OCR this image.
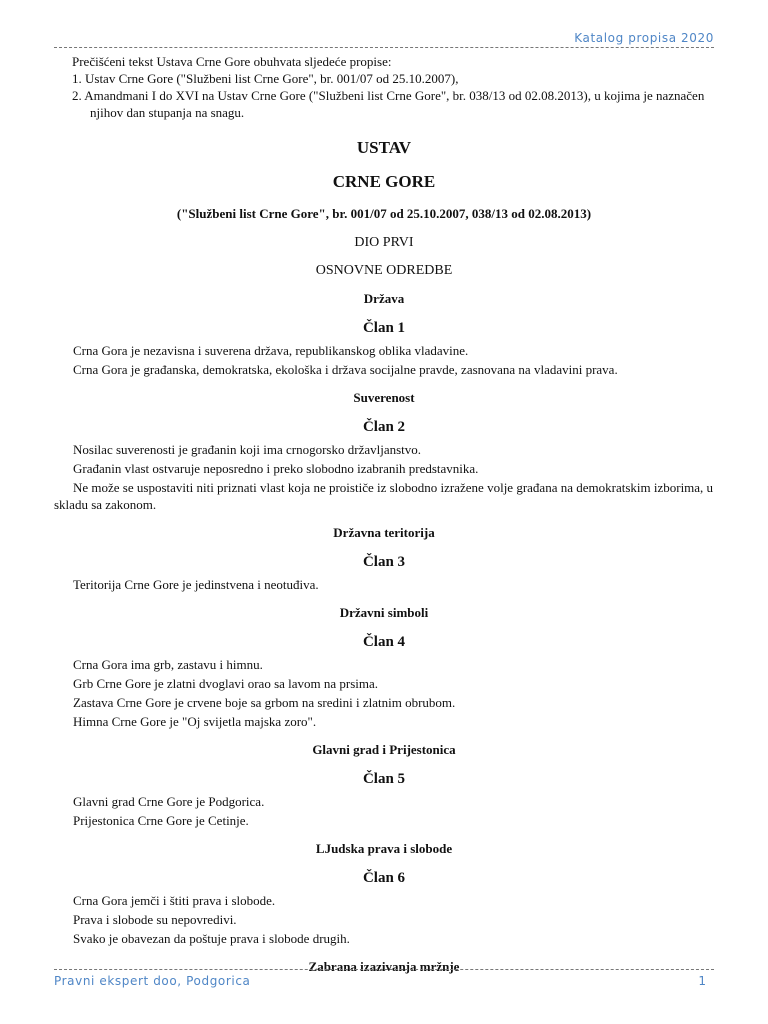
Katalog propisa 2020

Prečišćeni tekst Ustava Crne Gore obuhvata sljedeće propise:

1. Ustav Crne Gore ("Službeni list Crne Gore", br. 001/07 od 25.10.2007),

2. Amandmani I do XVI na Ustav Crne Gore ("Službeni list Crne Gore", br. 038/13 od 02.08.2013), u kojima je naznačen njihov dan stupanja na snagu.

USTAV

CRNE GORE

("Službeni list Crne Gore", br. 001/07 od 25.10.2007, 038/13 od 02.08.2013)

DIO PRVI

OSNOVNE ODREDBE

Država

Član 1

Crna Gora je nezavisna i suverena država, republikanskog oblika vladavine.

Crna Gora je građanska, demokratska, ekološka i država socijalne pravde, zasnovana na vladavini prava.

Suverenost

Član 2

Nosilac suverenosti je građanin koji ima crnogorsko državljanstvo.

Građanin vlast ostvaruje neposredno i preko slobodno izabranih predstavnika.

Ne može se uspostaviti niti priznati vlast koja ne proističe iz slobodno izražene volje građana na demokratskim izborima, u skladu sa zakonom.

Državna teritorija

Član 3

Teritorija Crne Gore je jedinstvena i neotuđiva.

Državni simboli

Član 4

Crna Gora ima grb, zastavu i himnu.

Grb Crne Gore je zlatni dvoglavi orao sa lavom na prsima.

Zastava Crne Gore je crvene boje sa grbom na sredini i zlatnim obrubom.

Himna Crne Gore je "Oj svijetla majska zoro".

Glavni grad i Prijestonica

Član 5

Glavni grad Crne Gore je Podgorica.

Prijestonica Crne Gore je Cetinje.

LJudska prava i slobode

Član 6

Crna Gora jemči i štiti prava i slobode.

Prava i slobode su nepovredivi.

Svako je obavezan da poštuje prava i slobode drugih.

Zabrana izazivanja mržnje

Pravni ekspert doo, Podgorica	1
